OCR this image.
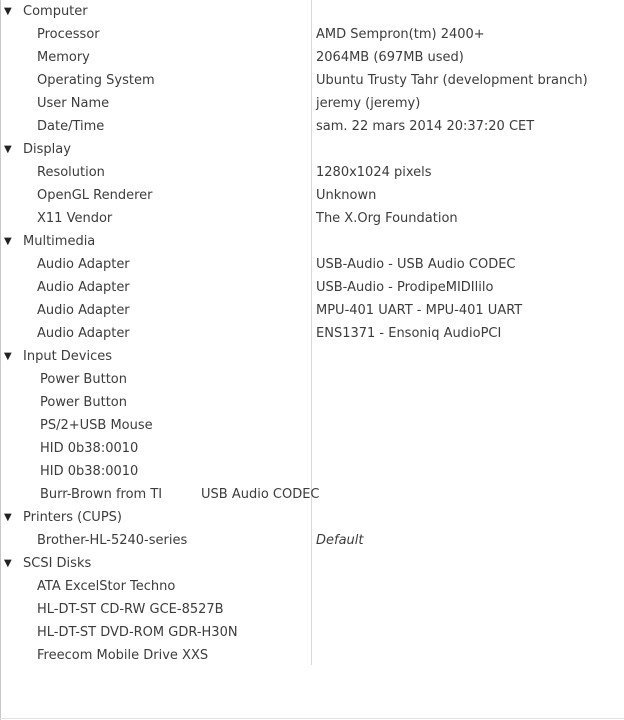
▼ Computer
Processor	AMD Sempron(tm) 2400+
Memory	2064MB (697MB used)
Operating System	Ubuntu Trusty Tahr (development branch)
User Name	jeremy (jeremy)
Date/Time	sam. 22 mars 2014 20:37:20 CET
▼ Display
Resolution	1280x1024 pixels
OpenGL Renderer	Unknown
X11 Vendor	The X.Org Foundation
▼ Multimedia
Audio Adapter	USB-Audio - USB Audio CODEC
Audio Adapter	USB-Audio - ProdipeMIDIlilo
Audio Adapter	MPU-401 UART - MPU-401 UART
Audio Adapter	ENS1371 - Ensoniq AudioPCI
▼ Input Devices
Power Button
Power Button
PS/2+USB Mouse
HID 0b38:0010
HID 0b38:0010
Burr-Brown from TI	USB Audio CODEC
▼ Printers (CUPS)
Brother-HL-5240-series	Default
▼ SCSI Disks
ATA ExcelStor Techno
HL-DT-ST CD-RW GCE-8527B
HL-DT-ST DVD-ROM GDR-H30N
Freecom Mobile Drive XXS
